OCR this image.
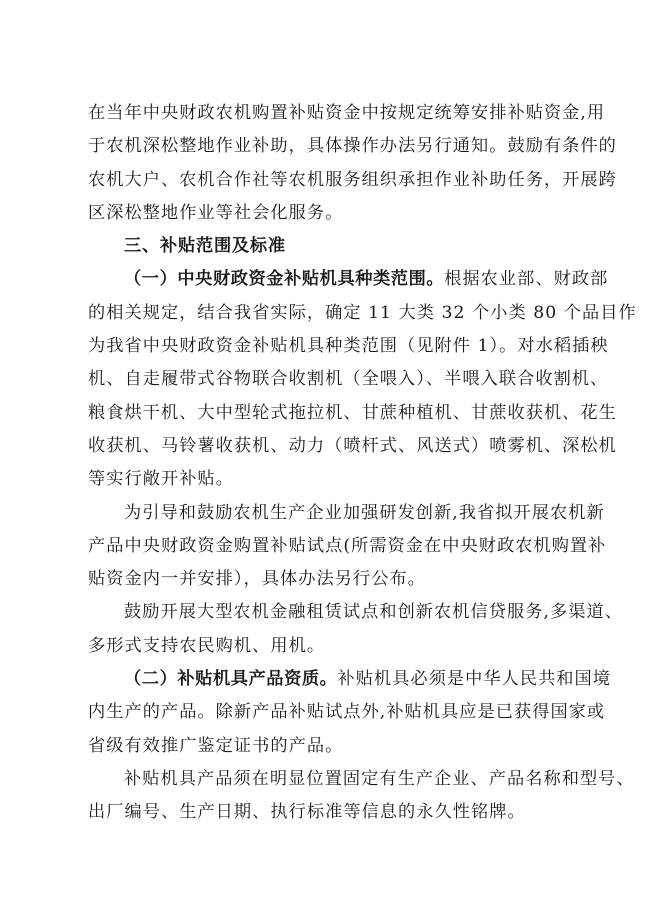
在当年中央财政农机购置补贴资金中按规定统筹安排补贴资金,用
于农机深松整地作业补助，具体操作办法另行通知。鼓励有条件的
农机大户、农机合作社等农机服务组织承担作业补助任务，开展跨
区深松整地作业等社会化服务。
三、补贴范围及标准
（一）中央财政资金补贴机具种类范围。根据农业部、财政部
的相关规定，结合我省实际，确定 11 大类 32 个小类 80 个品目作
为我省中央财政资金补贴机具种类范围（见附件 1）。对水稻插秧
机、自走履带式谷物联合收割机（全喂入）、半喂入联合收割机、
粮食烘干机、大中型轮式拖拉机、甘蔗种植机、甘蔗收获机、花生
收获机、马铃薯收获机、动力（喷杆式、风送式）喷雾机、深松机
等实行敞开补贴。
为引导和鼓励农机生产企业加强研发创新,我省拟开展农机新
产品中央财政资金购置补贴试点(所需资金在中央财政农机购置补
贴资金内一并安排），具体办法另行公布。
鼓励开展大型农机金融租赁试点和创新农机信贷服务,多渠道、
多形式支持农民购机、用机。
（二）补贴机具产品资质。补贴机具必须是中华人民共和国境
内生产的产品。除新产品补贴试点外,补贴机具应是已获得国家或
省级有效推广鉴定证书的产品。
补贴机具产品须在明显位置固定有生产企业、产品名称和型号、
出厂编号、生产日期、执行标准等信息的永久性铭牌。
